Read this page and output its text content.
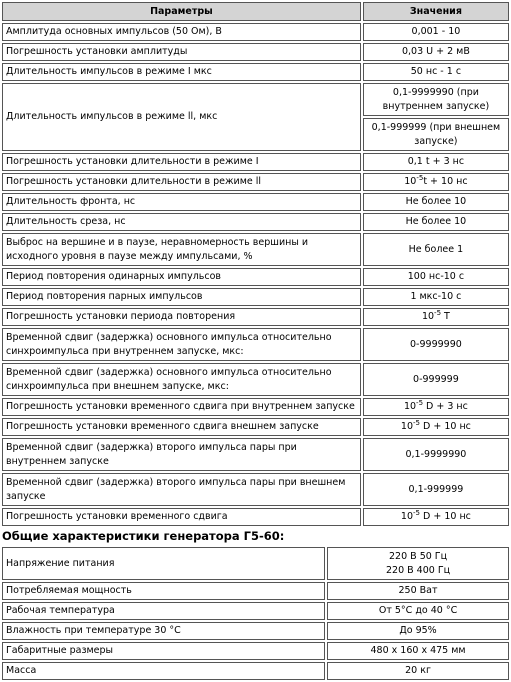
Параметры	Значения
Амплитуда основных импульсов (50 Ом), В	0,001 - 10
Погрешность установки амплитуды	0,03 U + 2 мВ
Длительность импульсов в режиме I мкс	50 нс - 1 с
Длительность импульсов в режиме ll, мкс	0,1-9999990 (при внутреннем запуске)
	0,1-999999 (при внешнем запуске)
Погрешность установки длительности в режиме I	0,1 t + 3 нс
Погрешность установки длительности в режиме ll	$10^{-5}t + 10$ нс
Длительность фронта, нс	Не более 10
Длительность среза, нс	Не более 10
Выброс на вершине и в паузе, неравномерность вершины и исходного уровня в паузе между импульсами, %	Не более 1
Период повторения одинарных импульсов	100 нс-10 с
Период повторения парных импульсов	1 мкс-10 с
Погрешность установки периода повторения	$10^{-5}$ T
Временной сдвиг (задержка) основного импульса относительно синхроимпульса при внутреннем запуске, мкс:	0-9999990
Временной сдвиг (задержка) основного импульса относительно синхроимпульса при внешнем запуске, мкс:	0-999999
Погрешность установки временного сдвига при внутреннем запуске	$10^{-5}$ D + 3 нс
Погрешность установки временного сдвига внешнем запуске	$10^{-5}$ D + 10 нс
Временной сдвиг (задержка) второго импульса пары при внутреннем запуске	0,1-9999990
Временной сдвиг (задержка) второго импульса пары при внешнем запуске	0,1-999999
Погрешность установки временного сдвига	$10^{-5}$ D + 10 нс
Общие характеристики генератора Г5-60:
Напряжение питания	220 В 50 Гц
220 В 400 Гц

Потребляемая мощность	250 Ват
Рабочая температура	От 5°C до 40 °C
Влажность при температуре 30 °C	До 95%
Габаритные размеры	480 х 160 х 475 мм
Масса	20 кг
